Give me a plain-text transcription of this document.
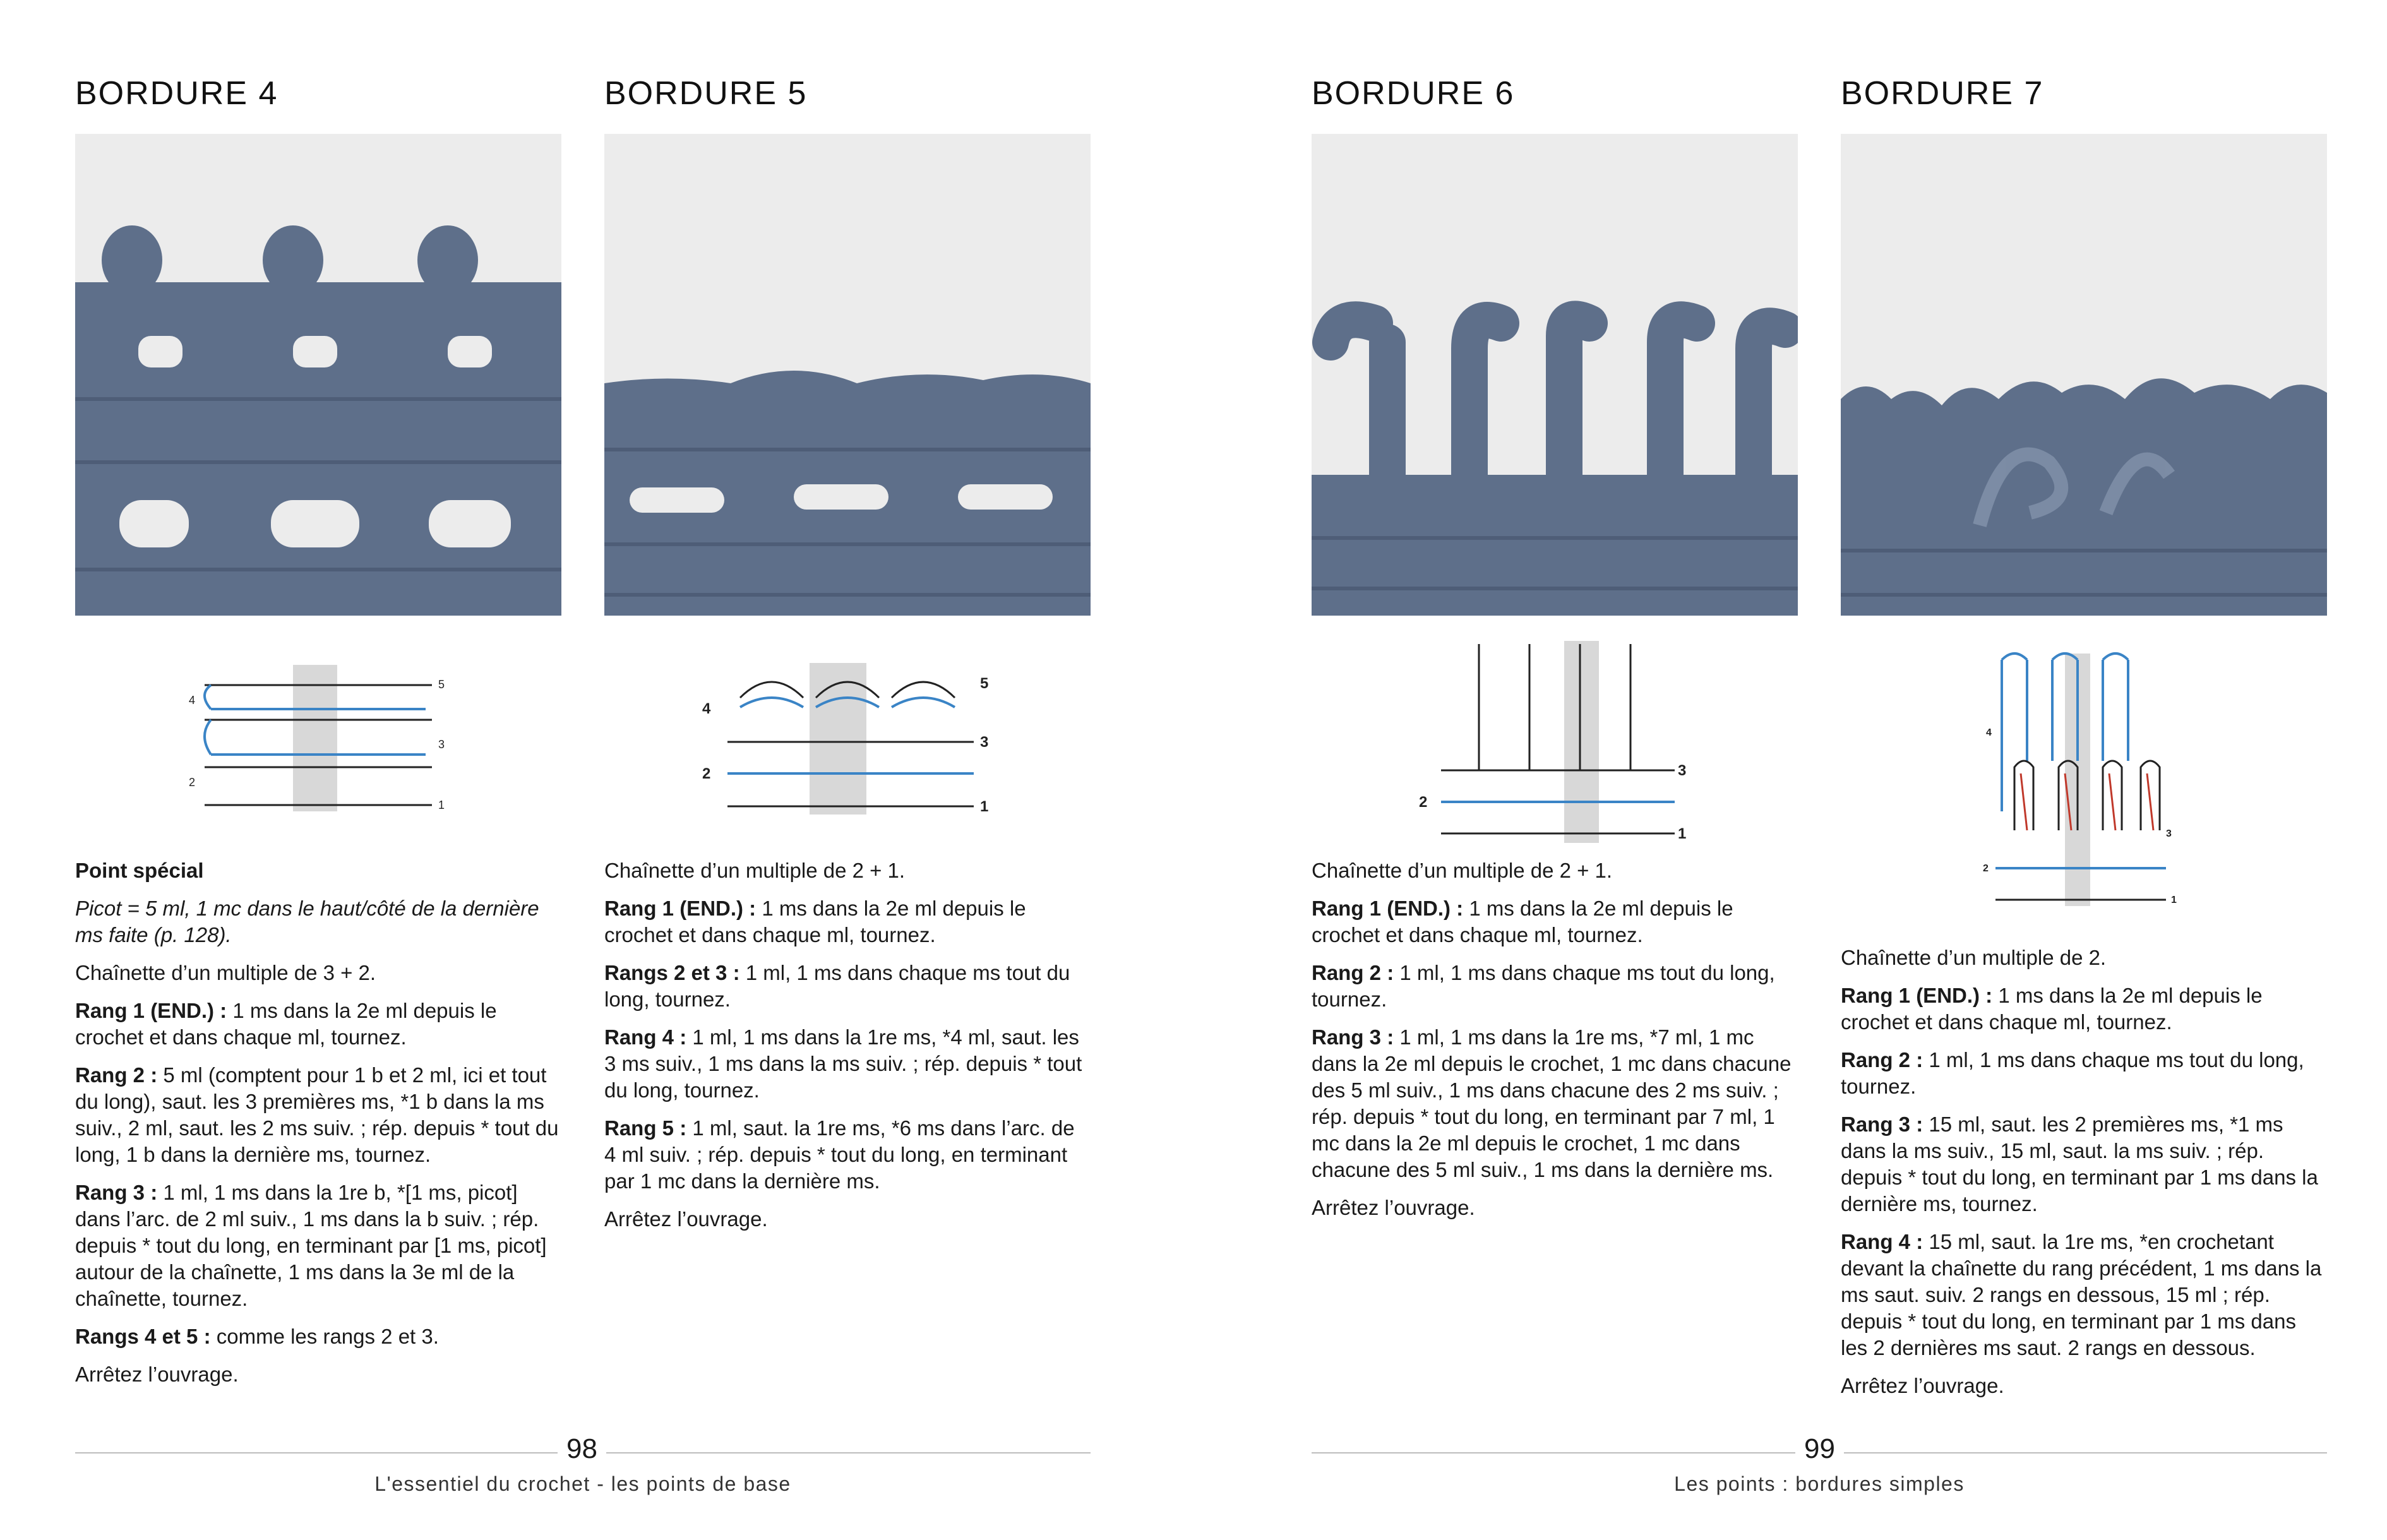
BORDURE 4
1
2
3
4
5

Point spécial

Picot = 5 ml, 1 mc dans le haut/côté de la dernière ms faite (p. 128).

Chaînette d’un multiple de 3 + 2.

Rang 1 (END.) : 1 ms dans la 2e ml depuis le crochet et dans chaque ml, tournez.

Rang 2 : 5 ml (comptent pour 1 b et 2 ml, ici et tout du long), saut. les 3 premières ms, *1 b dans la ms suiv., 2 ml, saut. les 2 ms suiv. ; rép. depuis * tout du long, 1 b dans la dernière ms, tournez.

Rang 3 : 1 ml, 1 ms dans la 1re b, *[1 ms, picot] dans l’arc. de 2 ml suiv., 1 ms dans la b suiv. ; rép. depuis * tout du long, en terminant par [1 ms, picot] autour de la chaînette, 1 ms dans la 3e ml de la chaînette, tournez.

Rangs 4 et 5 : comme les rangs 2 et 3.

Arrêtez l’ouvrage.

BORDURE 5
1
2
3
4
5

Chaînette d’un multiple de 2 + 1.

Rang 1 (END.) : 1 ms dans la 2e ml depuis le crochet et dans chaque ml, tournez.

Rangs 2 et 3 : 1 ml, 1 ms dans chaque ms tout du long, tournez.

Rang 4 : 1 ml, 1 ms dans la 1re ms, *4 ml, saut. les 3 ms suiv., 1 ms dans la ms suiv. ; rép. depuis * tout du long, tournez.

Rang 5 : 1 ml, saut. la 1re ms, *6 ms dans l’arc. de 4 ml suiv. ; rép. depuis * tout du long, en terminant par 1 mc dans la dernière ms.

Arrêtez l’ouvrage.

BORDURE 6
1
2
3

Chaînette d’un multiple de 2 + 1.

Rang 1 (END.) : 1 ms dans la 2e ml depuis le crochet et dans chaque ml, tournez.

Rang 2 : 1 ml, 1 ms dans chaque ms tout du long, tournez.

Rang 3 : 1 ml, 1 ms dans la 1re ms, *7 ml, 1 mc dans la 2e ml depuis le crochet, 1 mc dans chacune des 5 ml suiv., 1 ms dans chacune des 2 ms suiv. ; rép. depuis * tout du long, en terminant par 7 ml, 1 mc dans la 2e ml depuis le crochet, 1 mc dans chacune des 5 ml suiv., 1 ms dans la dernière ms.

Arrêtez l’ouvrage.

BORDURE 7
1
2
3
4

Chaînette d’un multiple de 2.

Rang 1 (END.) : 1 ms dans la 2e ml depuis le crochet et dans chaque ml, tournez.

Rang 2 : 1 ml, 1 ms dans chaque ms tout du long, tournez.

Rang 3 : 15 ml, saut. les 2 premières ms, *1 ms dans la ms suiv., 15 ml, saut. la ms suiv. ; rép. depuis * tout du long, en terminant par 1 ms dans la dernière ms, tournez.

Rang 4 : 15 ml, saut. la 1re ms, *en crochetant devant la chaînette du rang précédent, 1 ms dans la ms saut. suiv. 2 rangs en dessous, 15 ml ; rép. depuis * tout du long, en terminant par 1 ms dans les 2 dernières ms saut. 2 rangs en dessous.

Arrêtez l’ouvrage.

98
L'essentiel du crochet - les points de base
99
Les points : bordures simples
